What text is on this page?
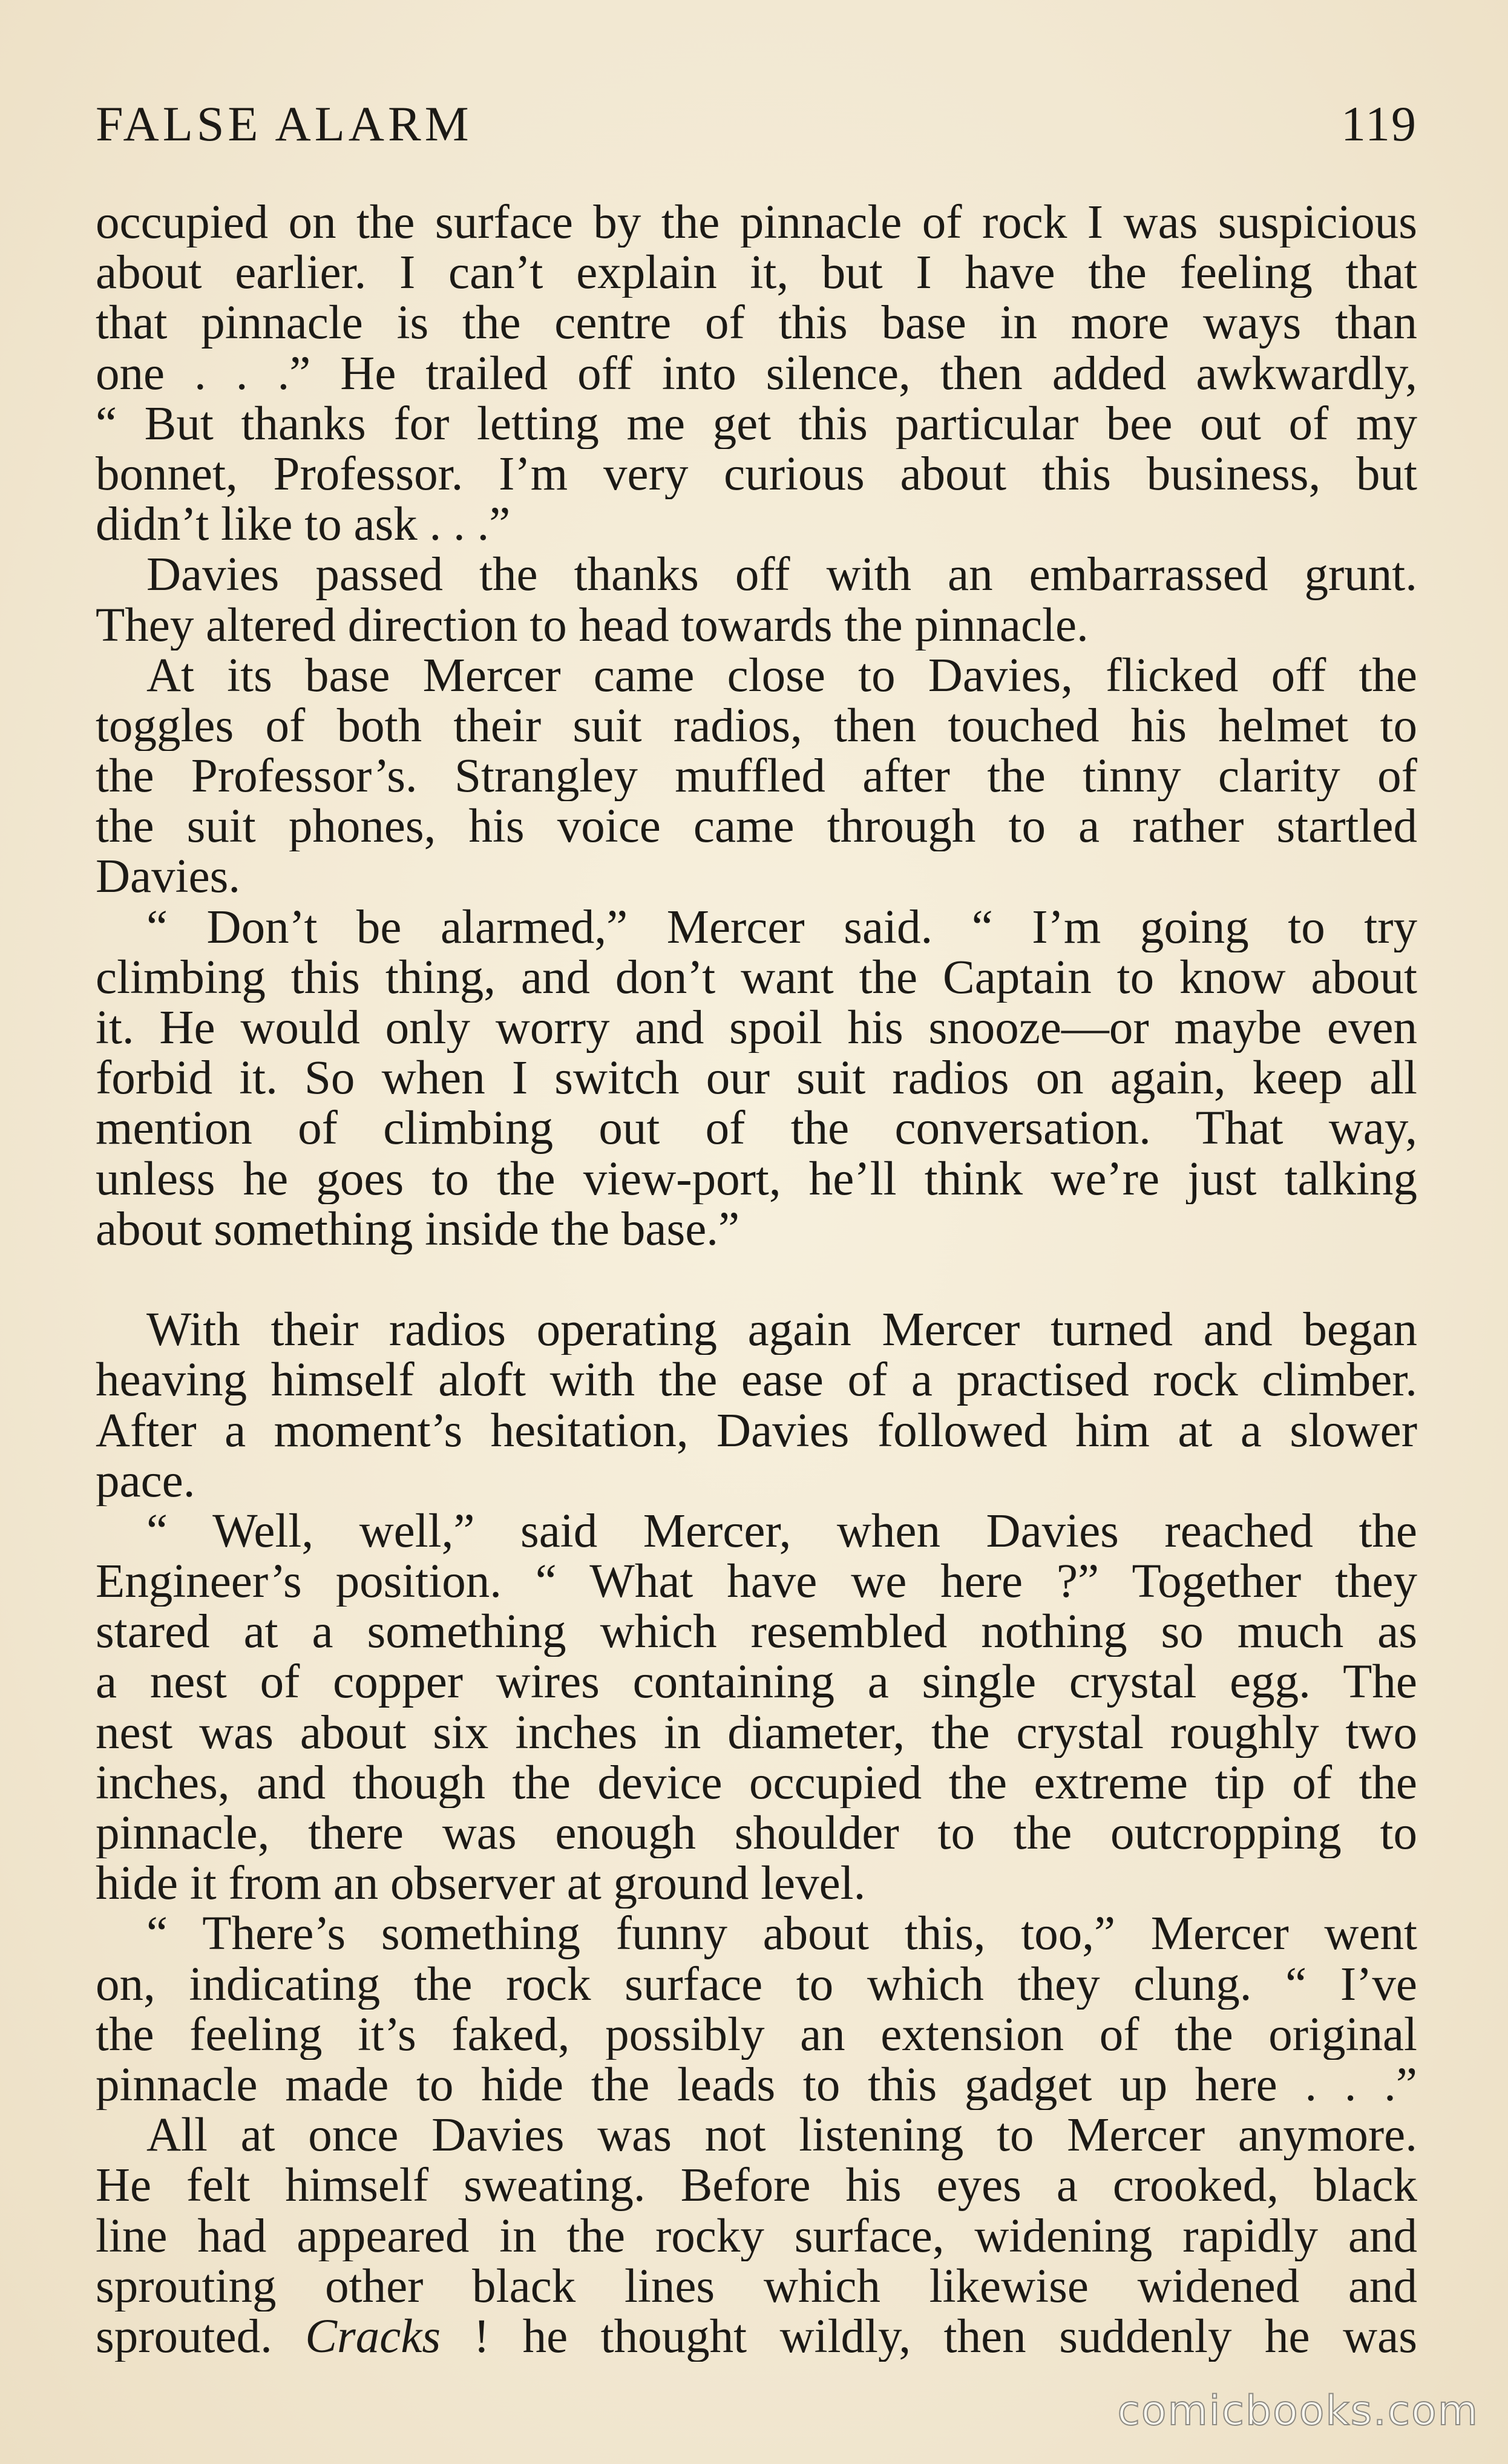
FALSE ALARM	119
occupied on the surface by the pinnacle of rock I was suspicious
about earlier. I can’t explain it, but I have the feeling that
that pinnacle is the centre of this base in more ways than
one . . .” He trailed off into silence, then added awkwardly,
“ But thanks for letting me get this particular bee out of my
bonnet, Professor. I’m very curious about this business, but
didn’t like to ask . . .”
Davies passed the thanks off with an embarrassed grunt.
They altered direction to head towards the pinnacle.
At its base Mercer came close to Davies, flicked off the
toggles of both their suit radios, then touched his helmet to
the Professor’s. Strangley muffled after the tinny clarity of
the suit phones, his voice came through to a rather startled
Davies.
“ Don’t be alarmed,” Mercer said. “ I’m going to try
climbing this thing, and don’t want the Captain to know about
it. He would only worry and spoil his snooze—or maybe even
forbid it. So when I switch our suit radios on again, keep all
mention of climbing out of the conversation. That way,
unless he goes to the view-port, he’ll think we’re just talking
about something inside the base.”
With their radios operating again Mercer turned and began
heaving himself aloft with the ease of a practised rock climber.
After a moment’s hesitation, Davies followed him at a slower
pace.
“ Well, well,” said Mercer, when Davies reached the
Engineer’s position. “ What have we here ?” Together they
stared at a something which resembled nothing so much as
a nest of copper wires containing a single crystal egg. The
nest was about six inches in diameter, the crystal roughly two
inches, and though the device occupied the extreme tip of the
pinnacle, there was enough shoulder to the outcropping to
hide it from an observer at ground level.
“ There’s something funny about this, too,” Mercer went
on, indicating the rock surface to which they clung. “ I’ve
the feeling it’s faked, possibly an extension of the original
pinnacle made to hide the leads to this gadget up here . . .”
All at once Davies was not listening to Mercer anymore.
He felt himself sweating. Before his eyes a crooked, black
line had appeared in the rocky surface, widening rapidly and
sprouting other black lines which likewise widened and
sprouted. Cracks ! he thought wildly, then suddenly he was
comicbooks.com
